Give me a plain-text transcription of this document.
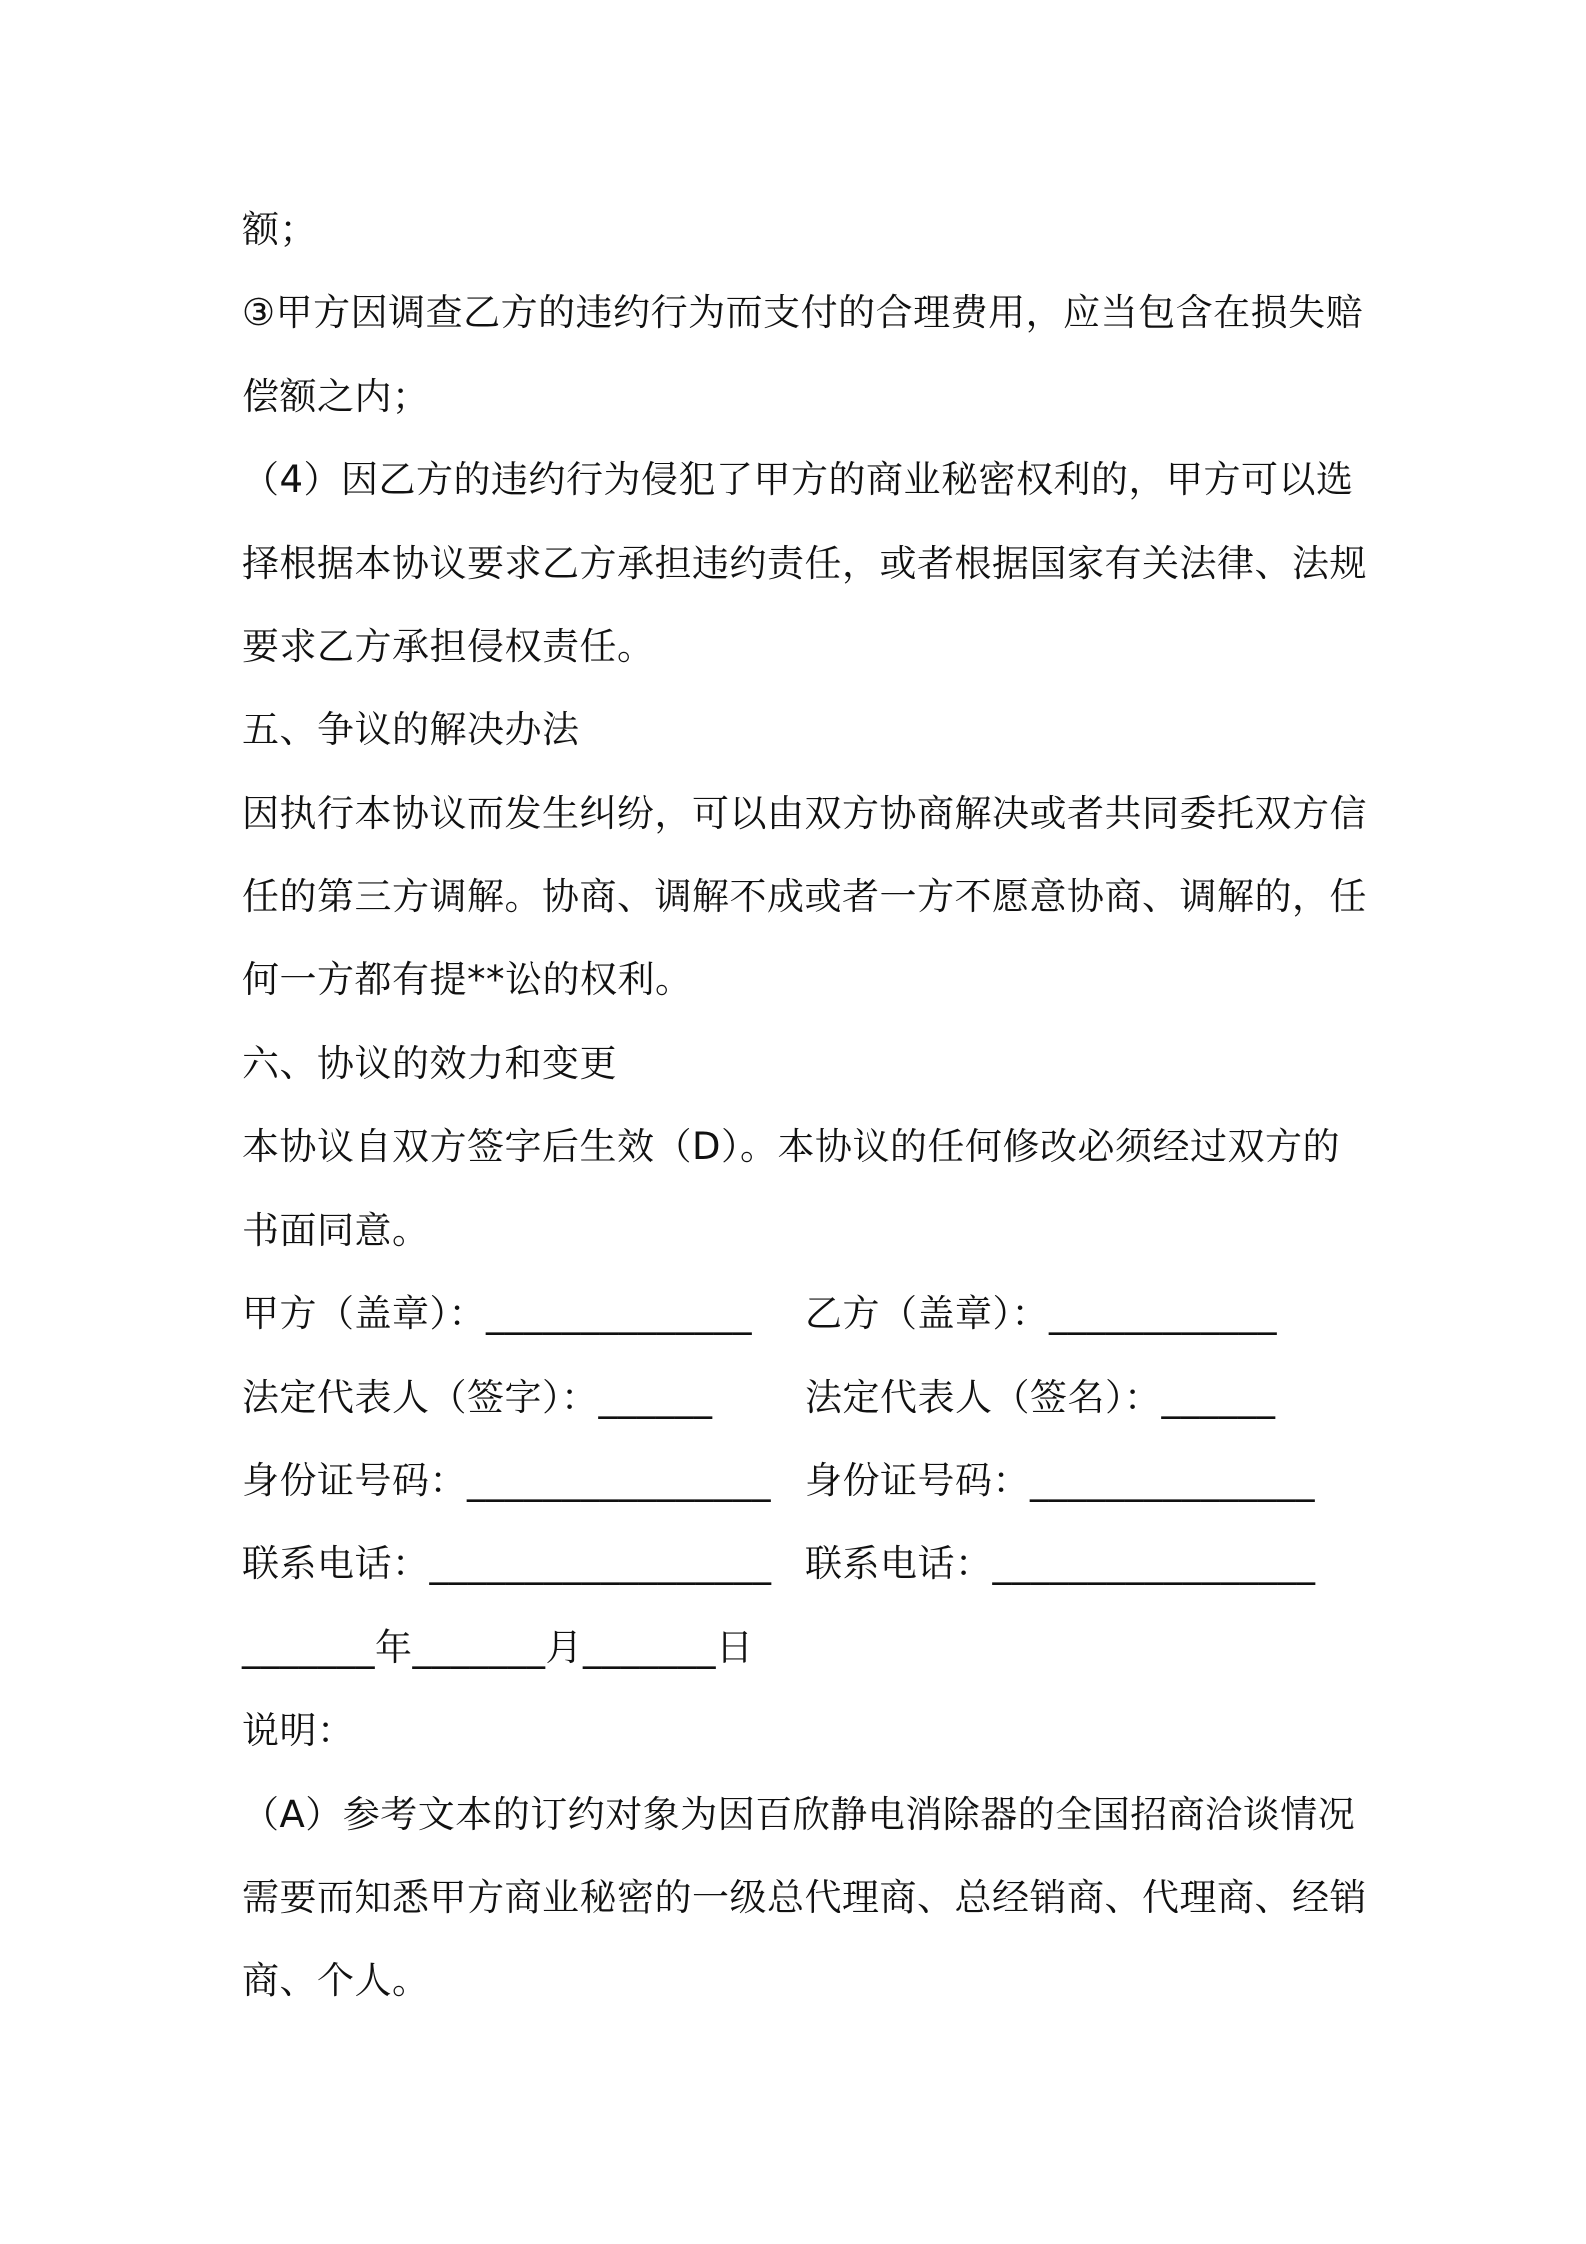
额；
③甲方因调查乙方的违约行为而支付的合理费用，应当包含在损失赔
偿额之内；
（4）因乙方的违约行为侵犯了甲方的商业秘密权利的，甲方可以选
择根据本协议要求乙方承担违约责任，或者根据国家有关法律、法规
要求乙方承担侵权责任。
五、争议的解决办法
因执行本协议而发生纠纷，可以由双方协商解决或者共同委托双方信
任的第三方调解。协商、调解不成或者一方不愿意协商、调解的，任
何一方都有提**讼的权利。
六、协议的效力和变更
本协议自双方签字后生效（D）。本协议的任何修改必须经过双方的
书面同意。
甲方（盖章）：______________ 乙方（盖章）：____________
法定代表人（签字）：______	法定代表人（签名）：______
身份证号码：________________ 身份证号码：_______________
联系电话：__________________ 联系电话：_________________
_______年_______月_______日
说明：
（A）参考文本的订约对象为因百欣静电消除器的全国招商洽谈情况
需要而知悉甲方商业秘密的一级总代理商、总经销商、代理商、经销
商、个人。
